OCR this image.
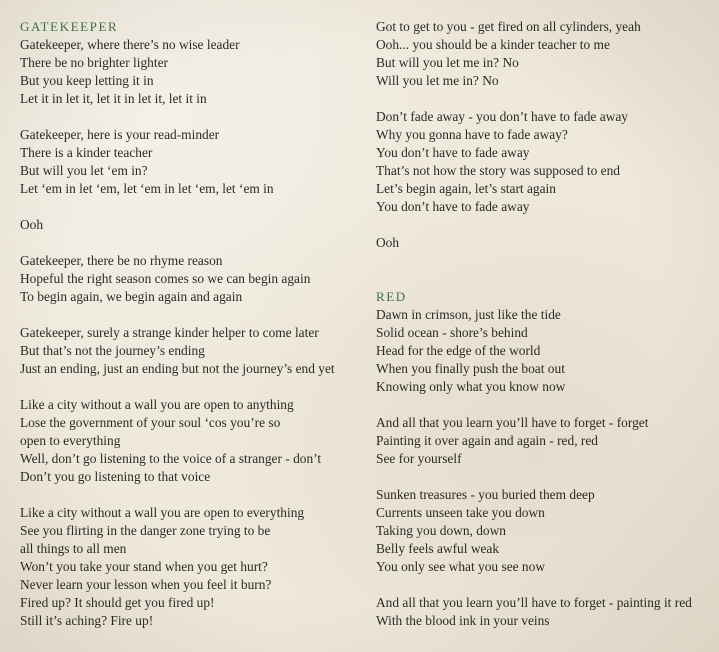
GATEKEEPER
Gatekeeper, where there’s no wise leader
There be no brighter lighter
But you keep letting it in
Let it in let it, let it in let it, let it in
Gatekeeper, here is your read-minder
There is a kinder teacher
But will you let ‘em in?
Let ‘em in let ‘em, let ‘em in let ‘em, let ‘em in
Ooh
Gatekeeper, there be no rhyme reason
Hopeful the right season comes so we can begin again
To begin again, we begin again and again
Gatekeeper, surely a strange kinder helper to come later
But that’s not the journey’s ending
Just an ending, just an ending but not the journey’s end yet
Like a city without a wall you are open to anything
Lose the government of your soul ‘cos you’re so
open to everything
Well, don’t go listening to the voice of a stranger - don’t
Don’t you go listening to that voice
Like a city without a wall you are open to everything
See you flirting in the danger zone trying to be
all things to all men
Won’t you take your stand when you get hurt?
Never learn your lesson when you feel it burn?
Fired up? It should get you fired up!
Still it’s aching? Fire up!
Got to get to you - get fired on all cylinders, yeah
Ooh... you should be a kinder teacher to me
But will you let me in? No
Will you let me in? No
Don’t fade away - you don’t have to fade away
Why you gonna have to fade away?
You don’t have to fade away
That’s not how the story was supposed to end
Let’s begin again, let’s start again
You don’t have to fade away
Ooh
RED
Dawn in crimson, just like the tide
Solid ocean - shore’s behind
Head for the edge of the world
When you finally push the boat out
Knowing only what you know now
And all that you learn you’ll have to forget - forget
Painting it over again and again - red, red
See for yourself
Sunken treasures - you buried them deep
Currents unseen take you down
Taking you down, down
Belly feels awful weak
You only see what you see now
And all that you learn you’ll have to forget - painting it red
With the blood ink in your veins
